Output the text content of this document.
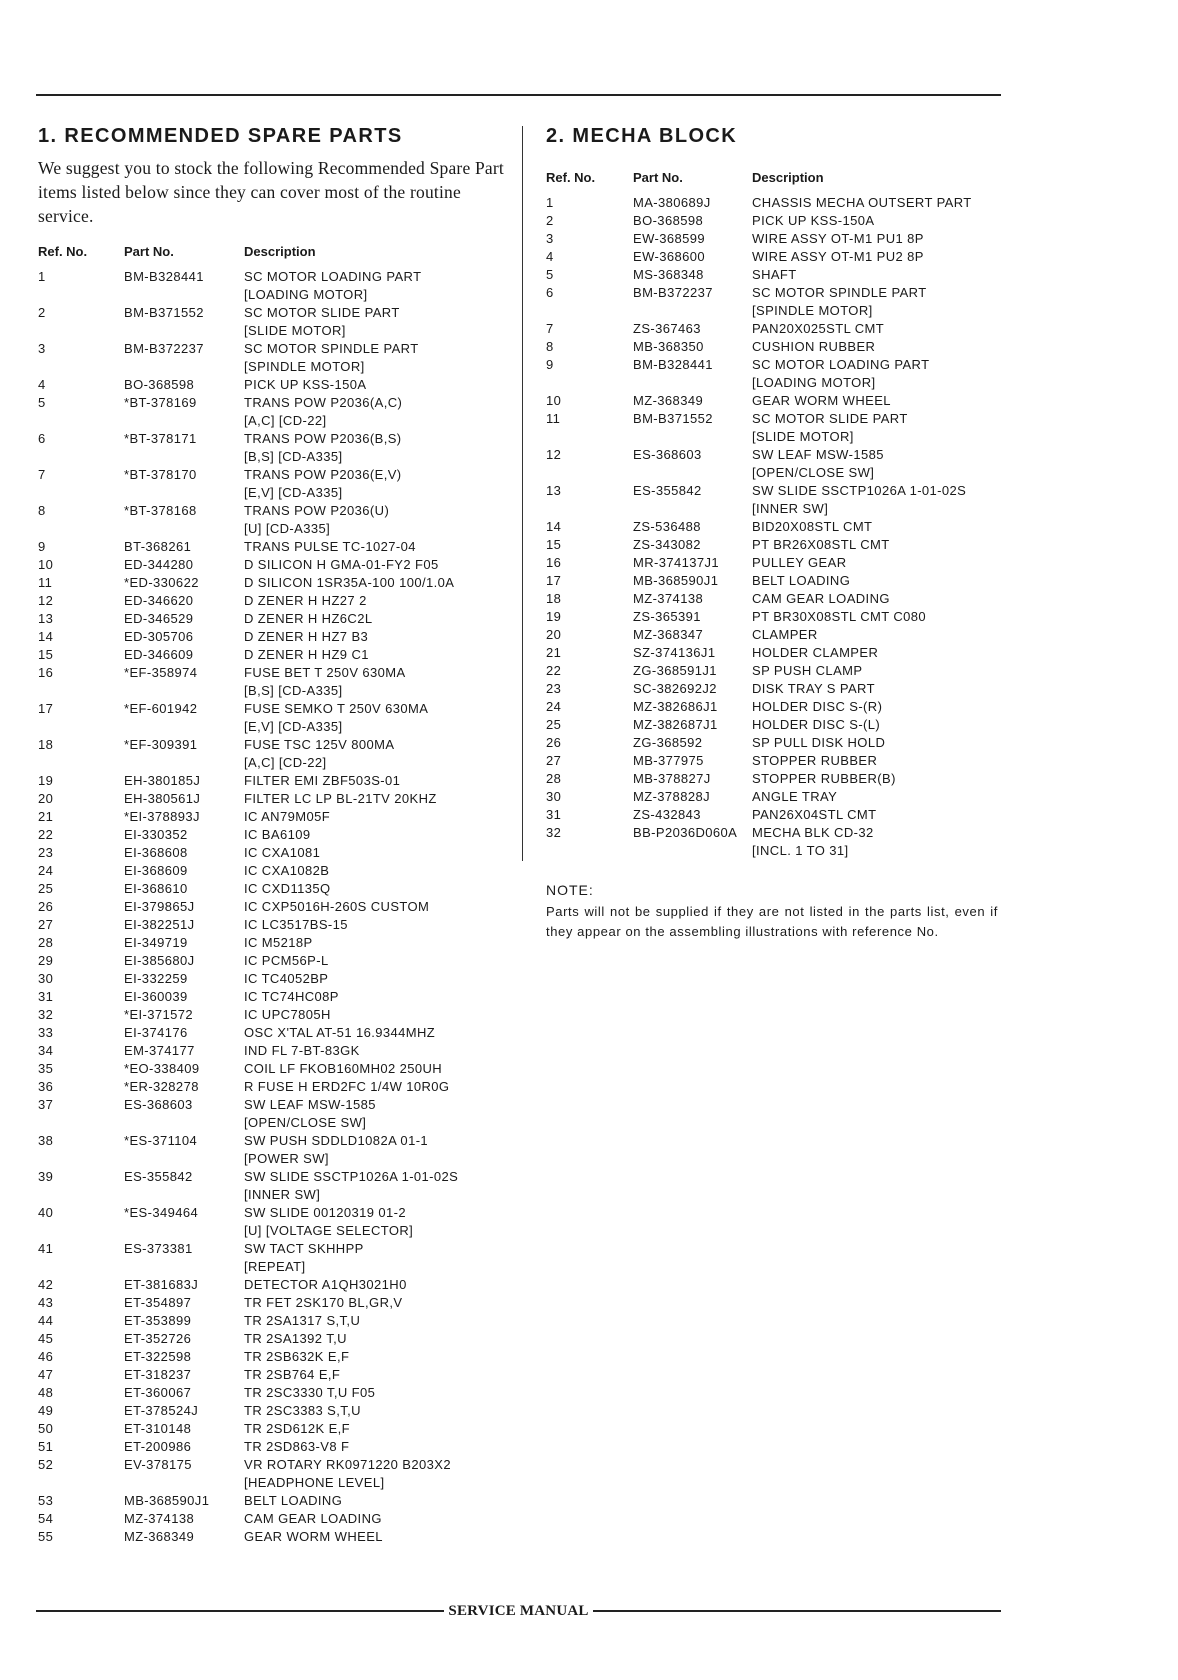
1. RECOMMENDED SPARE PARTS

We suggest you to stock the following Recommended Spare Part items listed below since they can cover most of the routine service.

Ref. No.	Part No.	Description
1	BM-B328441	SC MOTOR LOADING PART
[LOADING MOTOR]
2	BM-B371552	SC MOTOR SLIDE PART
[SLIDE MOTOR]
3	BM-B372237	SC MOTOR SPINDLE PART
[SPINDLE MOTOR]
4	BO-368598	PICK UP KSS-150A
5	*BT-378169	TRANS POW P2036(A,C)
[A,C] [CD-22]
6	*BT-378171	TRANS POW P2036(B,S)
[B,S] [CD-A335]
7	*BT-378170	TRANS POW P2036(E,V)
[E,V] [CD-A335]
8	*BT-378168	TRANS POW P2036(U)
[U] [CD-A335]
9	BT-368261	TRANS PULSE TC-1027-04
10	ED-344280	D SILICON H GMA-01-FY2 F05
11	*ED-330622	D SILICON 1SR35A-100 100/1.0A
12	ED-346620	D ZENER H HZ27 2
13	ED-346529	D ZENER H HZ6C2L
14	ED-305706	D ZENER H HZ7 B3
15	ED-346609	D ZENER H HZ9 C1
16	*EF-358974	FUSE BET T 250V 630MA
[B,S] [CD-A335]
17	*EF-601942	FUSE SEMKO T 250V 630MA
[E,V] [CD-A335]
18	*EF-309391	FUSE TSC 125V 800MA
[A,C] [CD-22]
19	EH-380185J	FILTER EMI ZBF503S-01
20	EH-380561J	FILTER LC LP BL-21TV 20KHZ
21	*EI-378893J	IC AN79M05F
22	EI-330352	IC BA6109
23	EI-368608	IC CXA1081
24	EI-368609	IC CXA1082B
25	EI-368610	IC CXD1135Q
26	EI-379865J	IC CXP5016H-260S CUSTOM
27	EI-382251J	IC LC3517BS-15
28	EI-349719	IC M5218P
29	EI-385680J	IC PCM56P-L
30	EI-332259	IC TC4052BP
31	EI-360039	IC TC74HC08P
32	*EI-371572	IC UPC7805H
33	EI-374176	OSC X'TAL AT-51 16.9344MHZ
34	EM-374177	IND FL 7-BT-83GK
35	*EO-338409	COIL LF FKOB160MH02 250UH
36	*ER-328278	R FUSE H ERD2FC 1/4W 10R0G
37	ES-368603	SW LEAF MSW-1585
[OPEN/CLOSE SW]
38	*ES-371104	SW PUSH SDDLD1082A 01-1
[POWER SW]
39	ES-355842	SW SLIDE SSCTP1026A 1-01-02S
[INNER SW]
40	*ES-349464	SW SLIDE 00120319 01-2
[U] [VOLTAGE SELECTOR]
41	ES-373381	SW TACT SKHHPP
[REPEAT]
42	ET-381683J	DETECTOR A1QH3021H0
43	ET-354897	TR FET 2SK170 BL,GR,V
44	ET-353899	TR 2SA1317 S,T,U
45	ET-352726	TR 2SA1392 T,U
46	ET-322598	TR 2SB632K E,F
47	ET-318237	TR 2SB764 E,F
48	ET-360067	TR 2SC3330 T,U F05
49	ET-378524J	TR 2SC3383 S,T,U
50	ET-310148	TR 2SD612K E,F
51	ET-200986	TR 2SD863-V8 F
52	EV-378175	VR ROTARY RK0971220 B203X2
[HEADPHONE LEVEL]
53	MB-368590J1	BELT LOADING
54	MZ-374138	CAM GEAR LOADING
55	MZ-368349	GEAR WORM WHEEL
2. MECHA BLOCK
Ref. No.	Part No.	Description
1	MA-380689J	CHASSIS MECHA OUTSERT PART
2	BO-368598	PICK UP KSS-150A
3	EW-368599	WIRE ASSY OT-M1 PU1 8P
4	EW-368600	WIRE ASSY OT-M1 PU2 8P
5	MS-368348	SHAFT
6	BM-B372237	SC MOTOR SPINDLE PART
[SPINDLE MOTOR]
7	ZS-367463	PAN20X025STL CMT
8	MB-368350	CUSHION RUBBER
9	BM-B328441	SC MOTOR LOADING PART
[LOADING MOTOR]
10	MZ-368349	GEAR WORM WHEEL
11	BM-B371552	SC MOTOR SLIDE PART
[SLIDE MOTOR]
12	ES-368603	SW LEAF MSW-1585
[OPEN/CLOSE SW]
13	ES-355842	SW SLIDE SSCTP1026A 1-01-02S
[INNER SW]
14	ZS-536488	BID20X08STL CMT
15	ZS-343082	PT BR26X08STL CMT
16	MR-374137J1	PULLEY GEAR
17	MB-368590J1	BELT LOADING
18	MZ-374138	CAM GEAR LOADING
19	ZS-365391	PT BR30X08STL CMT C080
20	MZ-368347	CLAMPER
21	SZ-374136J1	HOLDER CLAMPER
22	ZG-368591J1	SP PUSH CLAMP
23	SC-382692J2	DISK TRAY S PART
24	MZ-382686J1	HOLDER DISC S-(R)
25	MZ-382687J1	HOLDER DISC S-(L)
26	ZG-368592	SP PULL DISK HOLD
27	MB-377975	STOPPER RUBBER
28	MB-378827J	STOPPER RUBBER(B)
30	MZ-378828J	ANGLE TRAY
31	ZS-432843	PAN26X04STL CMT
32	BB-P2036D060A	MECHA BLK CD-32
[INCL. 1 TO 31]
NOTE:
Parts will not be supplied if they are not listed in the parts list, even if they appear on the assembling illustrations with reference No.
SERVICE MANUAL
